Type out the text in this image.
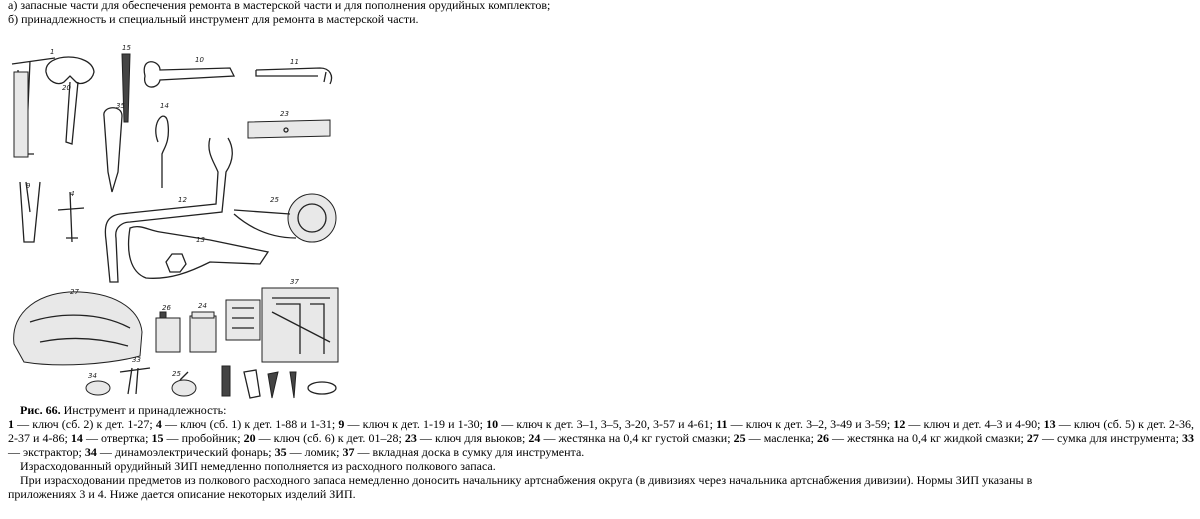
а) запасные части для обеспечения ремонта в мастерской части и для пополнения орудийных комплектов;
б) принадлежность и специальный инструмент для ремонта в мастерской части.
1
20
15
10	11
35	14
23
9
4
12	25
13
37
27
26	24
33
34	25
Рис. 66. Инструмент и принадлежность:

1 — ключ (сб. 2) к дет. 1-27; 4 — ключ (сб. 1) к дет. 1-88 и 1-31; 9 — ключ к дет. 1-19 и 1-30; 10 — ключ к дет. 3–1, 3–5, 3-20, 3-57 и 4-61; 11 — ключ к дет. 3–2, 3-49 и 3-59; 12 — ключ и дет. 4–3 и 4-90; 13 — ключ (сб. 5) к дет. 2-36, 2-37 и 4-86; 14 — отвертка; 15 — пробойник; 20 — ключ (сб. 6) к дет. 01–28; 23 — ключ для вьюков; 24 — жестянка на 0,4 кг густой смазки; 25 — масленка; 26 — жестянка на 0,4 кг жидкой смазки; 27 — сумка для инструмента; 33 — экстрактор; 34 — динамоэлектрический фонарь; 35 — ломик; 37 — вкладная доска в сумку для инструмента.

Израсходованный орудийный ЗИП немедленно пополняется из расходного полкового запаса.
При израсходовании предметов из полкового расходного запаса немедленно доносить начальнику артснабжения округа (в дивизиях через начальника артснабжения дивизии). Нормы ЗИП указаны в
приложениях 3 и 4. Ниже дается описание некоторых изделий ЗИП.
